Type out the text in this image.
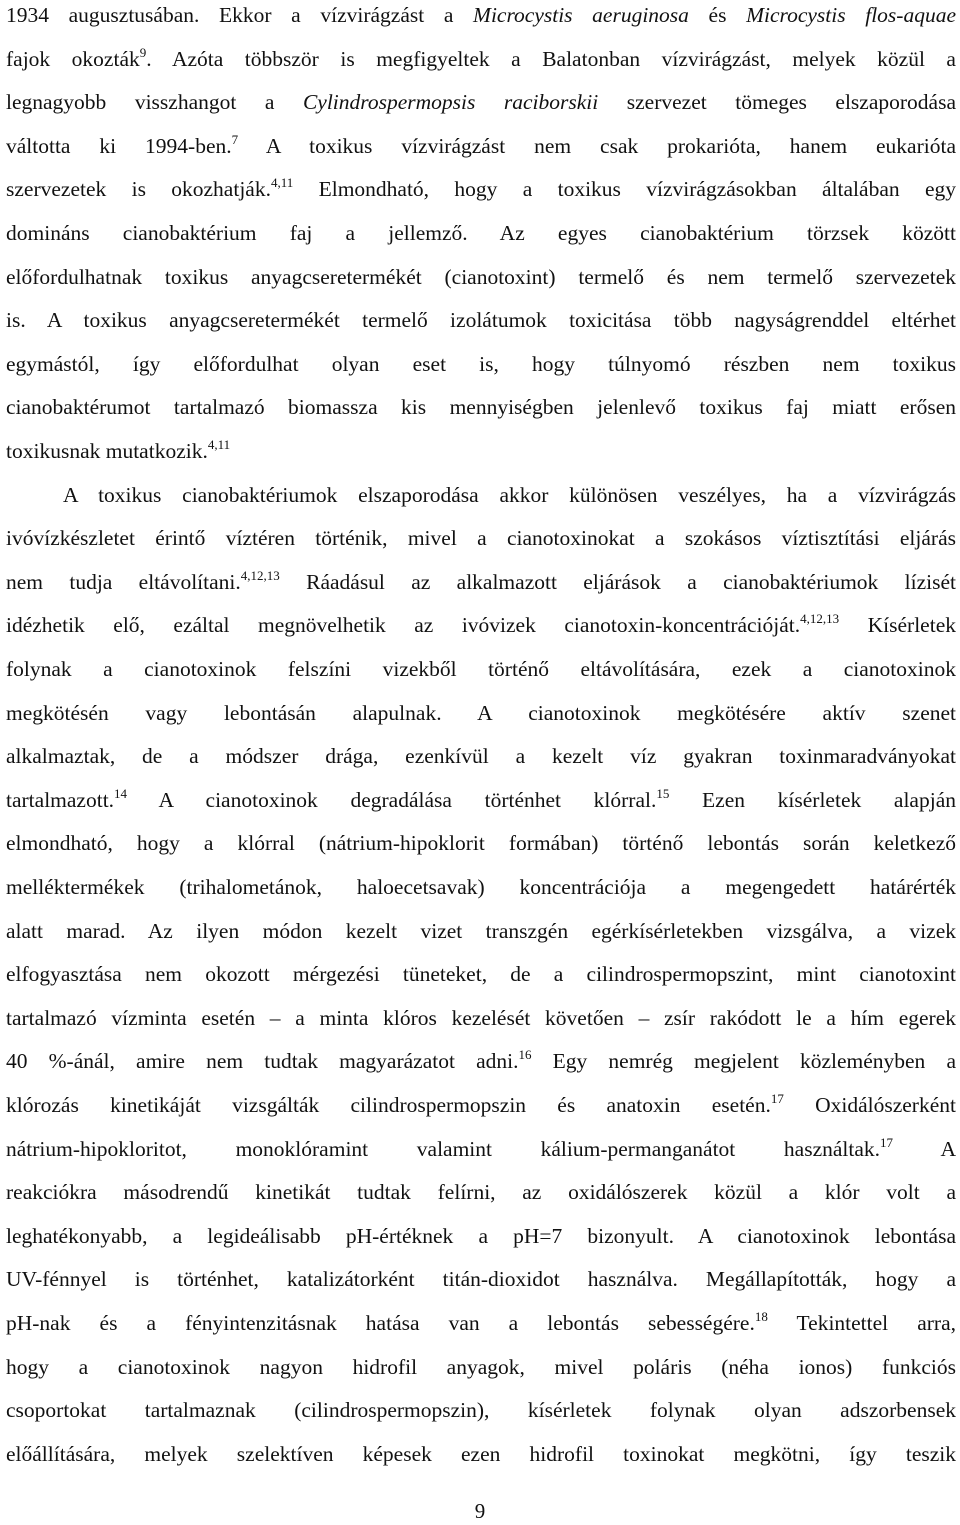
1934 augusztusában. Ekkor a vízvirágzást a Microcystis aeruginosa és Microcystis flos-aquae
fajok okozták$^9$. Azóta többször is megfigyeltek a Balatonban vízvirágzást, melyek közül a
legnagyobb visszhangot a Cylindrospermopsis raciborskii szervezet tömeges elszaporodása
váltotta ki 1994-ben.$^7$ A toxikus vízvirágzást nem csak prokarióta, hanem eukarióta
szervezetek is okozhatják.$^{4,11}$ Elmondható, hogy a toxikus vízvirágzásokban általában egy
domináns cianobaktérium faj a jellemző. Az egyes cianobaktérium törzsek között
előfordulhatnak toxikus anyagcseretermékét (cianotoxint) termelő és nem termelő szervezetek
is. A toxikus anyagcseretermékét termelő izolátumok toxicitása több nagyságrenddel eltérhet
egymástól, így előfordulhat olyan eset is, hogy túlnyomó részben nem toxikus
cianobaktérumot tartalmazó biomassza kis mennyiségben jelenlevő toxikus faj miatt erősen
toxikusnak mutatkozik.$^{4,11}$
A toxikus cianobaktériumok elszaporodása akkor különösen veszélyes, ha a vízvirágzás
ivóvízkészletet érintő víztéren történik, mivel a cianotoxinokat a szokásos víztisztítási eljárás
nem tudja eltávolítani.$^{4,12,13}$ Ráadásul az alkalmazott eljárások a cianobaktériumok lízisét
idézhetik elő, ezáltal megnövelhetik az ivóvizek cianotoxin-koncentrációját.$^{4,12,13}$ Kísérletek
folynak a cianotoxinok felszíni vizekből történő eltávolítására, ezek a cianotoxinok
megkötésén vagy lebontásán alapulnak. A cianotoxinok megkötésére aktív szenet
alkalmaztak, de a módszer drága, ezenkívül a kezelt víz gyakran toxinmaradványokat
tartalmazott.$^{14}$ A cianotoxinok degradálása történhet klórral.$^{15}$ Ezen kísérletek alapján
elmondható, hogy a klórral (nátrium-hipoklorit formában) történő lebontás során keletkező
melléktermékek (trihalometánok, haloecetsavak) koncentrációja a megengedett határérték
alatt marad. Az ilyen módon kezelt vizet transzgén egérkísérletekben vizsgálva, a vizek
elfogyasztása nem okozott mérgezési tüneteket, de a cilindrospermopszint, mint cianotoxint
tartalmazó vízminta esetén – a minta klóros kezelését követően – zsír rakódott le a hím egerek
40 %-ánál, amire nem tudtak magyarázatot adni.$^{16}$ Egy nemrég megjelent közleményben a
klórozás kinetikáját vizsgálták cilindrospermopszin és anatoxin esetén.$^{17}$ Oxidálószerként
nátrium-hipokloritot, monoklóramint valamint kálium-permanganátot használtak.$^{17}$ A
reakciókra másodrendű kinetikát tudtak felírni, az oxidálószerek közül a klór volt a
leghatékonyabb, a legideálisabb pH-értéknek a pH=7 bizonyult. A cianotoxinok lebontása
UV-fénnyel is történhet, katalizátorként titán-dioxidot használva. Megállapították, hogy a
pH-nak és a fényintenzitásnak hatása van a lebontás sebességére.$^{18}$ Tekintettel arra,
hogy a cianotoxinok nagyon hidrofil anyagok, mivel poláris (néha ionos) funkciós
csoportokat tartalmaznak (cilindrospermopszin), kísérletek folynak olyan adszorbensek
előállítására, melyek szelektíven képesek ezen hidrofil toxinokat megkötni, így teszik
9
